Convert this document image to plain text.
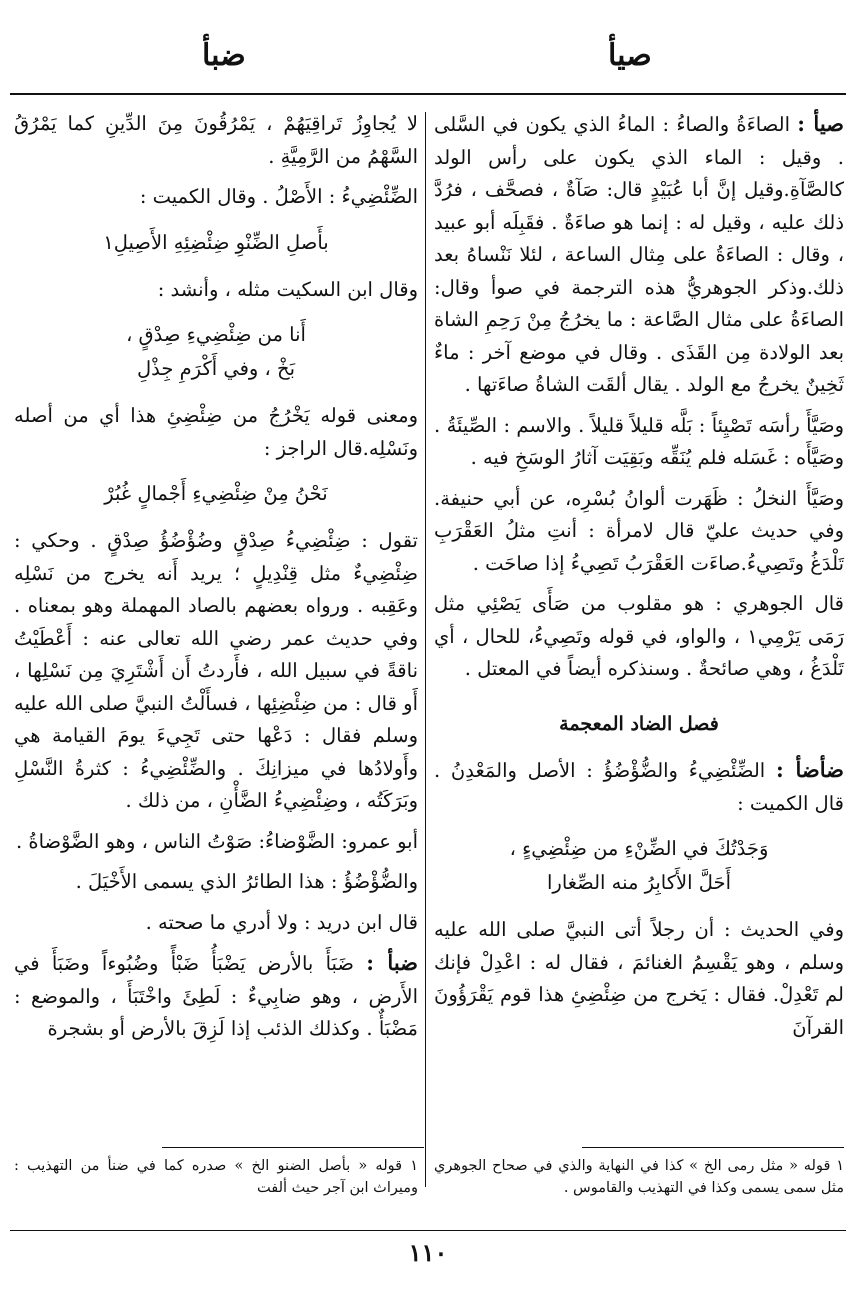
صيأ
ضبأ

صيأ : الصاءَةُ والصاءُ : الماءُ الذي يكون في السَّلى . وقيل : الماء الذي يكون على رأس الولد كالصَّآةِ.وقيل إنَّ أبا عُبَيْدٍ قال: صَآةٌ ، فصحَّف ، فرُدَّ ذلك عليه ، وقيل له : إنما هو صاءَةٌ . فقَبِلَه أبو عبيد ، وقال : الصاءَةُ على مِثال الساعة ، لئلا نَنْساهُ بعد ذلك.وذكر الجوهريُّ هذه الترجمة في صوأ وقال: الصاءَةُ على مثال الصَّاعة : ما يخرُجُ مِنْ رَحِمِ الشاة بعد الولادة مِن القَذَى . وقال في موضع آخر : ماءٌ ثَخِينٌ يخرجُ مع الولد . يقال ألقَت الشاةُ صاءَتها .

وصَيَّأَ رأسَه تَصْيِئاً : بَلَّه قليلاً قليلاً . والاسم : الصِّيئَةُ . وصَيَّأَه : غَسَله فلم يُنَقِّه وبَقِيَت آثارُ الوسَخِ فيه .

وصَيَّأَ النخلُ : ظَهَرت ألوانُ بُسْرِه، عن أبي حنيفة. وفي حديث عليّ قال لامرأة : أنتِ مثلُ العَقْرَبِ تَلْدَغُ وتَصِيءُ.صاءَت العَقْرَبُ تَصِيءُ إذا صاحَت .

قال الجوهري : هو مقلوب من صَأَى يَصْئِي مثل رَمَى يَرْمِي١ ، والواو، في قوله وتَصِيءُ، للحال ، أي تَلْدَغُ ، وهي صائحةٌ . وسنذكره أيضاً في المعتل .

فصل الضاد المعجمة

ضأضأ : الضِّئْضِيءُ والضُّؤْضُؤُ : الأصل والمَعْدِنُ . قال الكميت :

وَجَدْتُكَ في الضِّنْءِ من ضِئْضِيءٍ ،
أَحَلَّ الأَكابِرُ منه الصِّغارا

وفي الحديث : أن رجلاً أتى النبيَّ صلى الله عليه وسلم ، وهو يَقْسِمُ الغنائمَ ، فقال له : اعْدِلْ فإنك لم تَعْدِلْ. فقال : يَخرج من ضِئْضِئِ هذا قوم يَقْرَؤُونَ القرآنَ

لا يُجاوِزُ تَراقِيَهُمْ ، يَمْرُقُونَ مِنَ الدِّينِ كما يَمْرُقُ السَّهْمُ من الرَّمِيَّةِ .

الضِّئْضِيءُ : الأَصْلُ . وقال الكميت :

بأَصلِ الضِّنْوِ ضِئْضِئِهِ الأَصِيلِ١

وقال ابن السكيت مثله ، وأنشد :

أَنا من ضِئْضِيءِ صِدْقٍ ،
بَخْ ، وفي أَكْرَمِ جِذْلِ

ومعنى قوله يَخْرُجُ من ضِئْضِئِ هذا أي من أصله ونَسْلِه.قال الراجز :

نَحْنُ مِنْ ضِئْضِيءِ أَجْمالٍ غُبُرْ

تقول : ضِئْضِيءُ صِدْقٍ وضُؤْضُؤُ صِدْقٍ . وحكي : ضِئْضِيءٌ مثل قِنْدِيلٍ ؛ يريد أَنه يخرج من نَسْلِه وعَقِبه . ورواه بعضهم بالصاد المهملة وهو بمعناه . وفي حديث عمر رضي الله تعالى عنه : أَعْطَيْتُ ناقةً في سبيل الله ، فأَردتُ أَن أَشْتَرِيَ مِن نَسْلِها ، أَو قال : من ضِئْضِئِها ، فسأَلْتُ النبيَّ صلى الله عليه وسلم فقال : دَعْها حتى تَجِيءَ يومَ القيامة هي وأَولادُها في ميزانِكَ . والضِّئْضِيءُ : كثرةُ النَّسْلِ وبَرَكَتُه ، وضِئْضِيءُ الضَّأْنِ ، من ذلك .

أبو عمرو: الضَّوْضاءُ: صَوْتُ الناس ، وهو الضَّوْضاةُ .

والضُّؤْضُؤُ : هذا الطائرُ الذي يسمى الأَخْيَلَ .

قال ابن دريد : ولا أدري ما صحته .

ضبأ : ضَبَأَ بالأرض يَضْبَأُ ضَبْأً وضُبُوءاً وضَبَأَ في الأَرض ، وهو ضابِيءٌ : لَطِئَ واخْتَبَأَ ، والموضع : مَضْبَأٌ . وكذلك الذئب إذا لَزِقَ بالأرض أو بشجرة

١ قوله « مثل رمى الخ » كذا في النهاية والذي في صحاح الجوهري مثل سمى يسمى وكذا في التهذيب والقاموس .
١ قوله « بأصل الضنو الخ » صدره كما في ضنأ من التهذيب : وميراث ابن آجر حيث ألفت
١١٠
